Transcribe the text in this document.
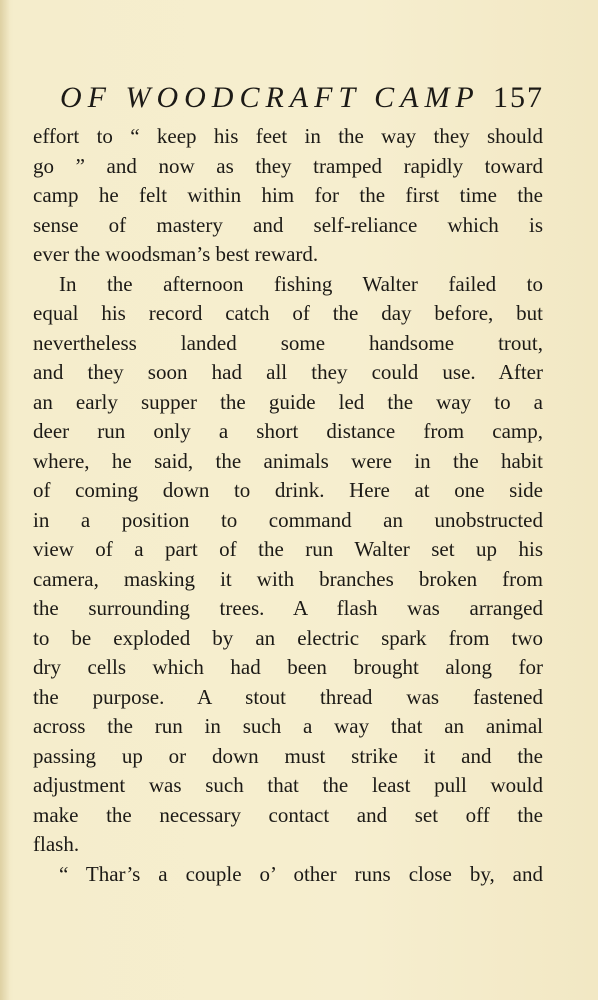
OF WOODCRAFT CAMP 157
effort to “ keep his feet in the way they should
go ” and now as they tramped rapidly toward
camp he felt within him for the first time the
sense of mastery and self-reliance which is
ever the woodsman’s best reward.
In the afternoon fishing Walter failed to
equal his record catch of the day before, but
nevertheless landed some handsome trout,
and they soon had all they could use. After
an early supper the guide led the way to a
deer run only a short distance from camp,
where, he said, the animals were in the habit
of coming down to drink. Here at one side
in a position to command an unobstructed
view of a part of the run Walter set up his
camera, masking it with branches broken from
the surrounding trees. A flash was arranged
to be exploded by an electric spark from two
dry cells which had been brought along for
the purpose. A stout thread was fastened
across the run in such a way that an animal
passing up or down must strike it and the
adjustment was such that the least pull would
make the necessary contact and set off the
flash.
“ Thar’s a couple o’ other runs close by, and
